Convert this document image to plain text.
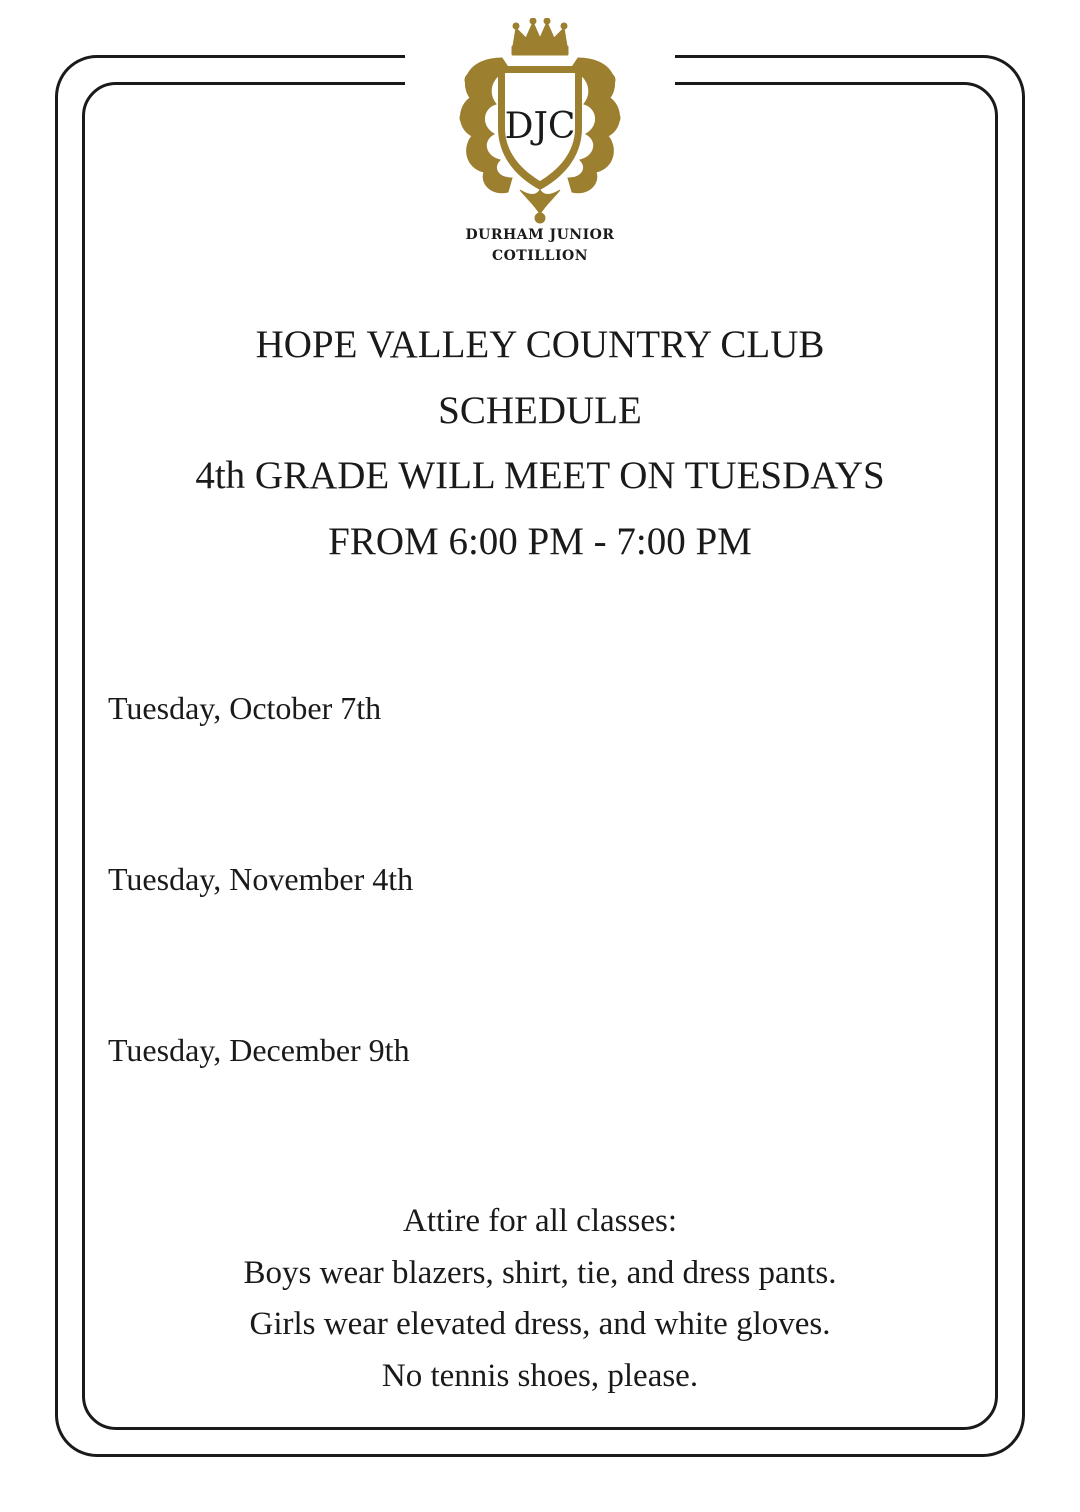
DJC
DURHAM JUNIOR
COTILLION
HOPE VALLEY COUNTRY CLUB
SCHEDULE
4th GRADE WILL MEET ON TUESDAYS
FROM 6:00 PM - 7:00 PM
Tuesday, October 7th
Tuesday, November 4th
Tuesday, December 9th
Attire for all classes:
Boys wear blazers, shirt, tie, and dress pants.
Girls wear elevated dress, and white gloves.
No tennis shoes, please.
